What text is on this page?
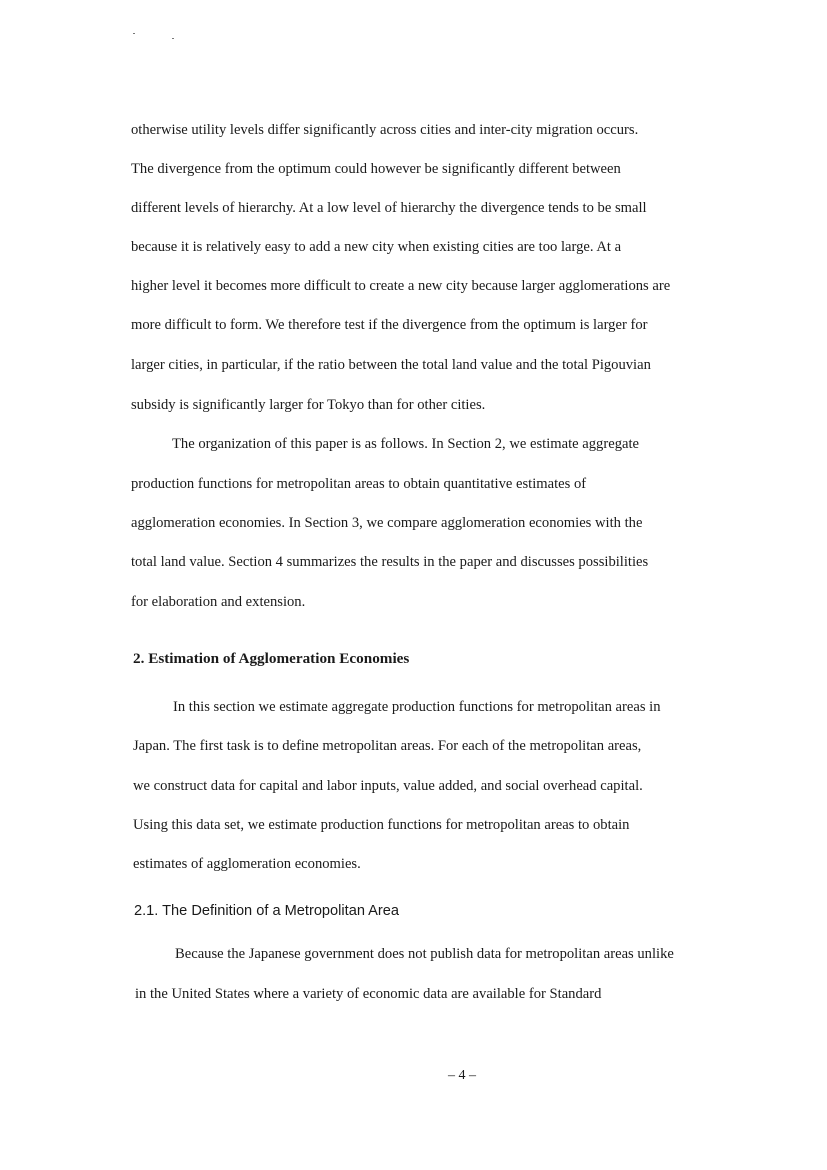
otherwise utility levels differ significantly across cities and inter-city migration occurs.
The divergence from the optimum could however be significantly different between
different levels of hierarchy. At a low level of hierarchy the divergence tends to be small
because it is relatively easy to add a new city when existing cities are too large. At a
higher level it becomes more difficult to create a new city because larger agglomerations are
more difficult to form. We therefore test if the divergence from the optimum is larger for
larger cities, in particular, if the ratio between the total land value and the total Pigouvian
subsidy is significantly larger for Tokyo than for other cities.
The organization of this paper is as follows. In Section 2, we estimate aggregate
production functions for metropolitan areas to obtain quantitative estimates of
agglomeration economies. In Section 3, we compare agglomeration economies with the
total land value. Section 4 summarizes the results in the paper and discusses possibilities
for elaboration and extension.
2. Estimation of Agglomeration Economies
In this section we estimate aggregate production functions for metropolitan areas in
Japan. The first task is to define metropolitan areas. For each of the metropolitan areas,
we construct data for capital and labor inputs, value added, and social overhead capital.
Using this data set, we estimate production functions for metropolitan areas to obtain
estimates of agglomeration economies.
2.1. The Definition of a Metropolitan Area
Because the Japanese government does not publish data for metropolitan areas unlike
in the United States where a variety of economic data are available for Standard
– 4 –
